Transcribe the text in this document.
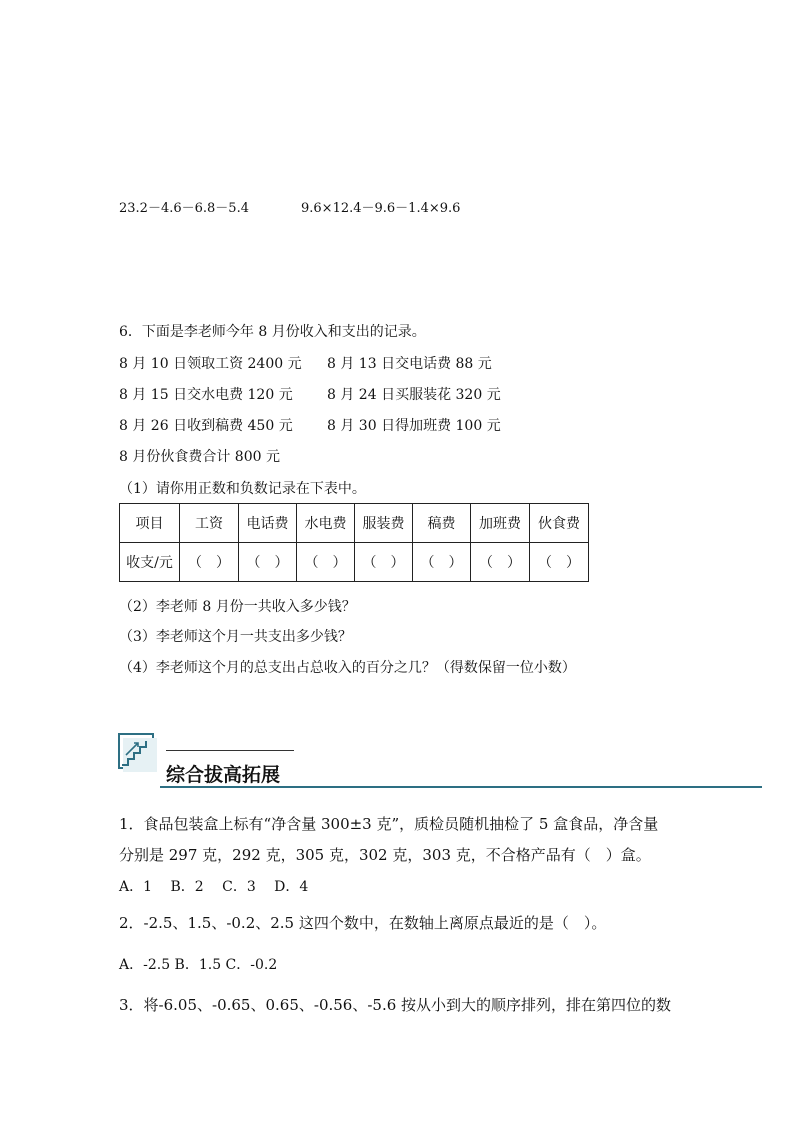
23.2－4.6－6.8－5.4	9.6×12.4－9.6－1.4×9.6
6．下面是李老师今年 8 月份收入和支出的记录。
8 月 10 日领取工资 2400 元 8 月 13 日交电话费 88 元
8 月 15 日交水电费 120 元 8 月 24 日买服装花 320 元
8 月 26 日收到稿费 450 元 8 月 30 日得加班费 100 元
8 月份伙食费合计 800 元
（1）请你用正数和负数记录在下表中。
项目	工资	电话费	水电费	服装费	稿费	加班费	伙食费
收支/元	（　）	（　）	（　）	（　）	（　）	（　）	（　）
（2）李老师 8 月份一共收入多少钱？
（3）李老师这个月一共支出多少钱？
（4）李老师这个月的总支出占总收入的百分之几？（得数保留一位小数）
综合拔高拓展
1．食品包装盒上标有“净含量 300±3 克”，质检员随机抽检了 5 盒食品，净含量
分别是 297 克，292 克，305 克，302 克，303 克，不合格产品有（　）盒。
A．1　 B．2　 C．3　 D．4
2．-2.5、1.5、-0.2、2.5 这四个数中，在数轴上离原点最近的是（　）。
A．-2.5 B．1.5 C．-0.2
3．将-6.05、-0.65、0.65、-0.56、-5.6 按从小到大的顺序排列，排在第四位的数
